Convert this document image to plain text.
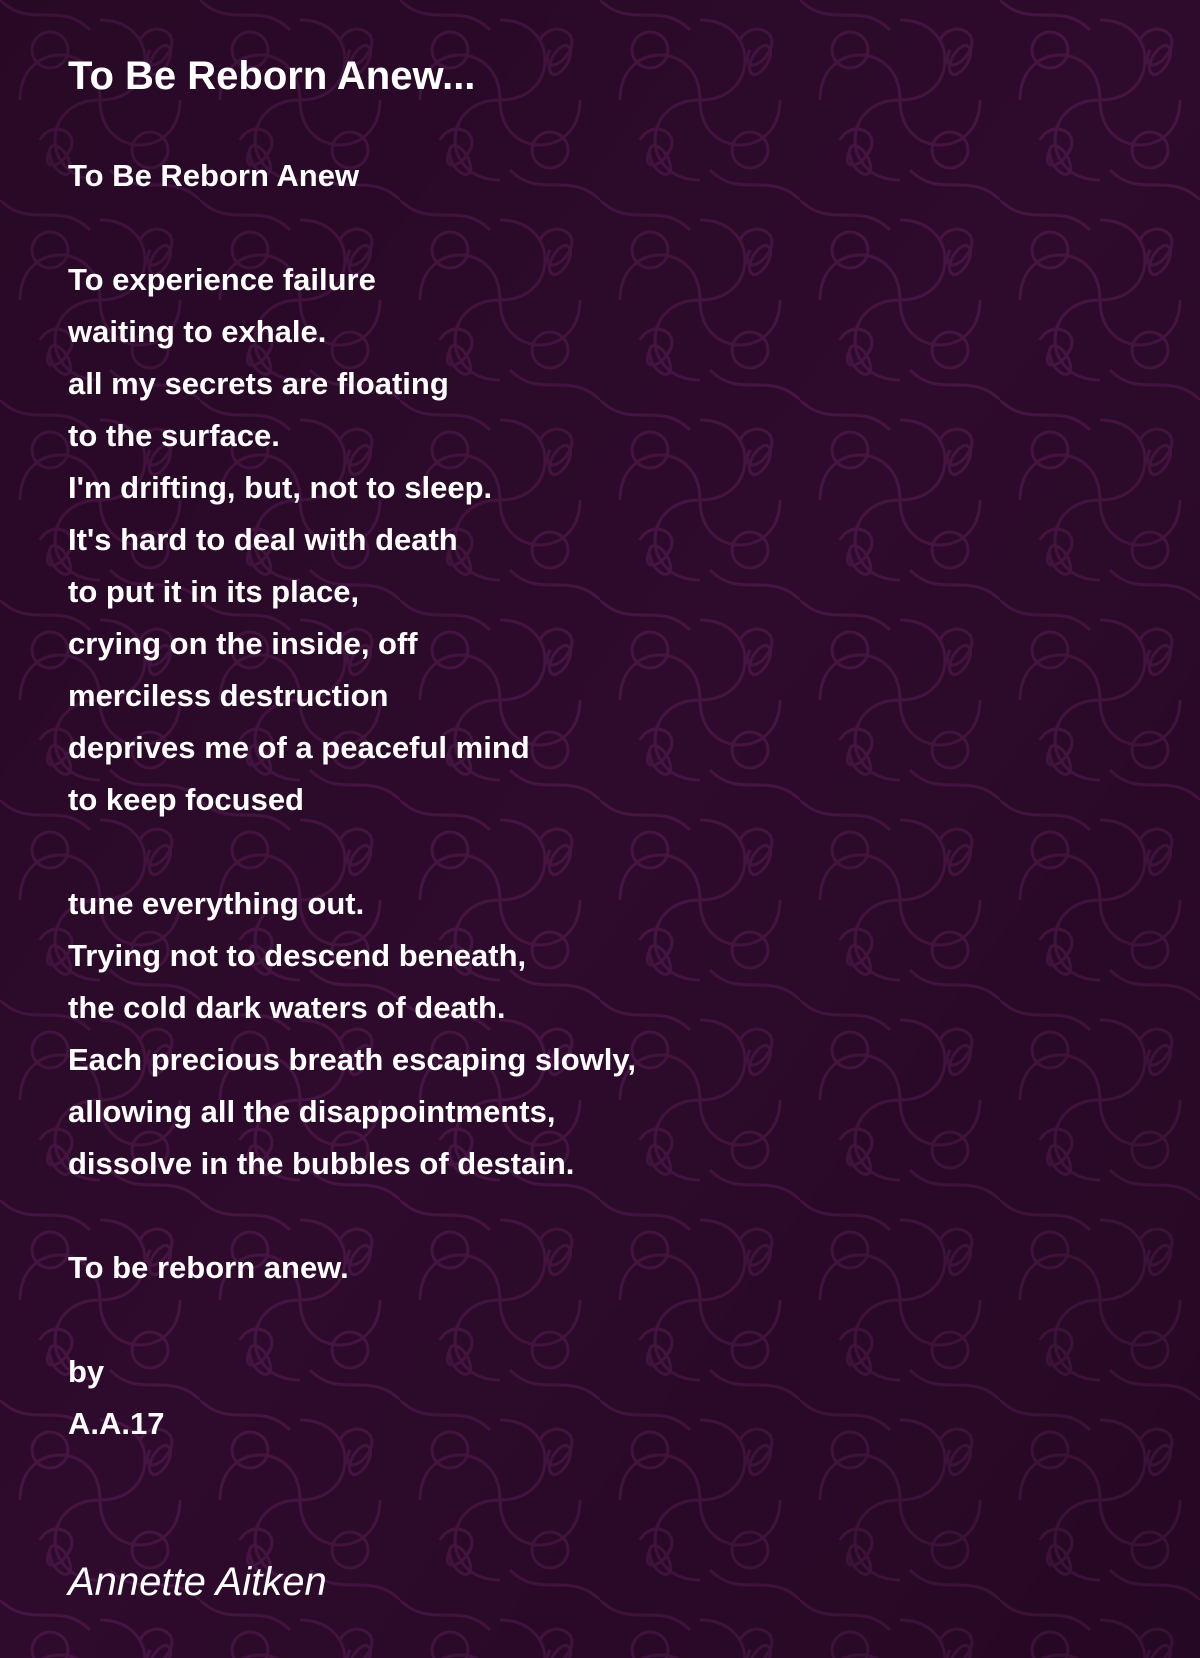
To Be Reborn Anew...
To Be Reborn Anew
To experience failure
waiting to exhale.
all my secrets are floating
to the surface.
I'm drifting, but, not to sleep.
It's hard to deal with death
to put it in its place,
crying on the inside, off
merciless destruction
deprives me of a peaceful mind
to keep focused
tune everything out.
Trying not to descend beneath,
the cold dark waters of death.
Each precious breath escaping slowly,
allowing all the disappointments,
dissolve in the bubbles of destain.
To be reborn anew.
by
A.A.17
Annette Aitken
